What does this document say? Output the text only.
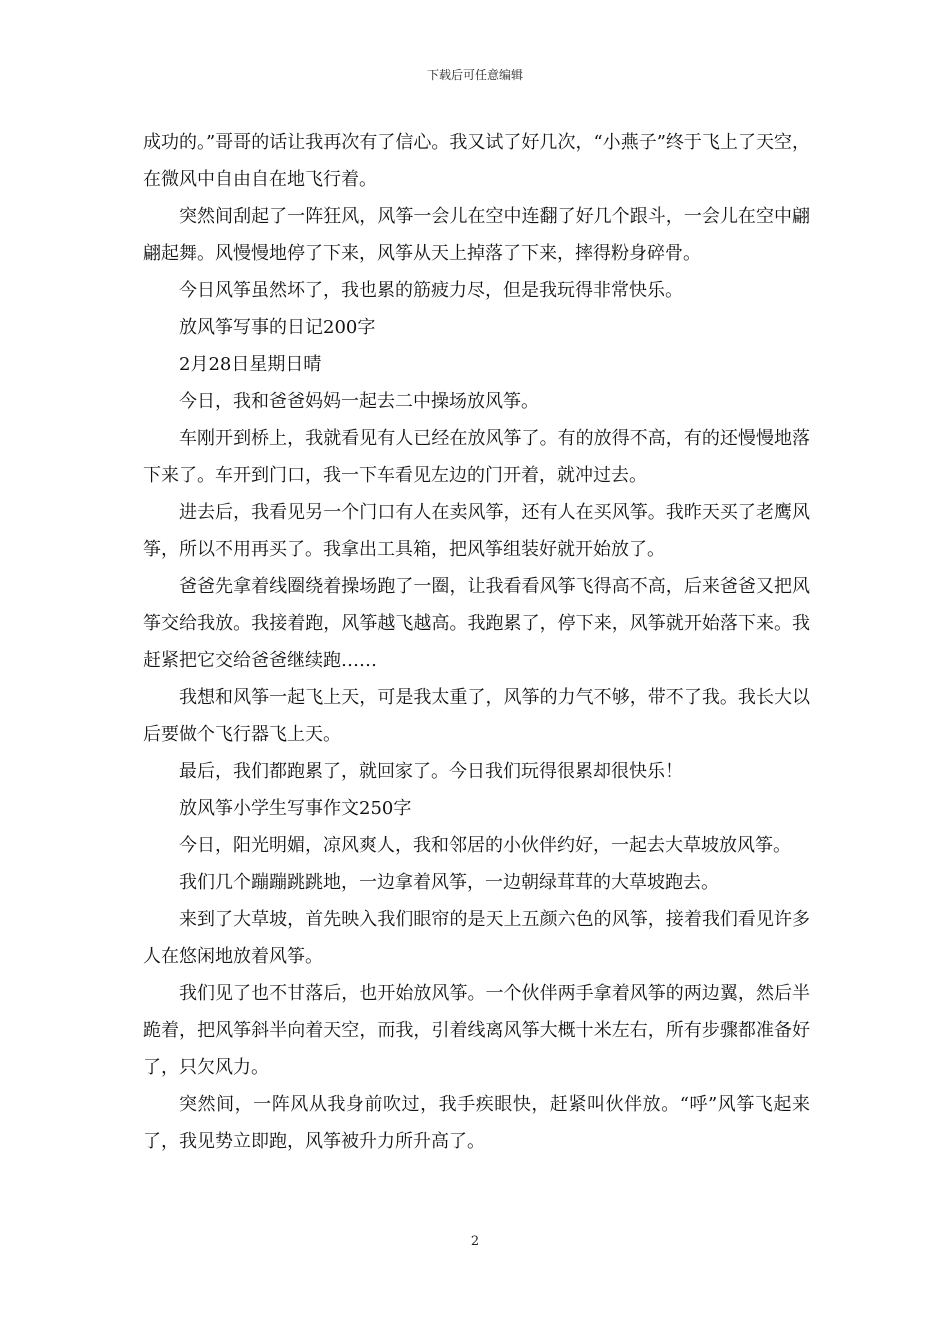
下载后可任意编辑

成功的。”哥哥的话让我再次有了信心。我又试了好几次，“小燕子”终于飞上了天空，在微风中自由自在地飞行着。

突然间刮起了一阵狂风，风筝一会儿在空中连翻了好几个跟斗，一会儿在空中翩翩起舞。风慢慢地停了下来，风筝从天上掉落了下来，摔得粉身碎骨。

今日风筝虽然坏了，我也累的筋疲力尽，但是我玩得非常快乐。

放风筝写事的日记200字

2月28日星期日晴

今日，我和爸爸妈妈一起去二中操场放风筝。

车刚开到桥上，我就看见有人已经在放风筝了。有的放得不高，有的还慢慢地落下来了。车开到门口，我一下车看见左边的门开着，就冲过去。

进去后，我看见另一个门口有人在卖风筝，还有人在买风筝。我昨天买了老鹰风筝，所以不用再买了。我拿出工具箱，把风筝组装好就开始放了。

爸爸先拿着线圈绕着操场跑了一圈，让我看看风筝飞得高不高，后来爸爸又把风筝交给我放。我接着跑，风筝越飞越高。我跑累了，停下来，风筝就开始落下来。我赶紧把它交给爸爸继续跑……

我想和风筝一起飞上天，可是我太重了，风筝的力气不够，带不了我。我长大以后要做个飞行器飞上天。

最后，我们都跑累了，就回家了。今日我们玩得很累却很快乐！

放风筝小学生写事作文250字

今日，阳光明媚，凉风爽人，我和邻居的小伙伴约好，一起去大草坡放风筝。

我们几个蹦蹦跳跳地，一边拿着风筝，一边朝绿茸茸的大草坡跑去。

来到了大草坡，首先映入我们眼帘的是天上五颜六色的风筝，接着我们看见许多人在悠闲地放着风筝。

我们见了也不甘落后，也开始放风筝。一个伙伴两手拿着风筝的两边翼，然后半跪着，把风筝斜半向着天空，而我，引着线离风筝大概十米左右，所有步骤都准备好了，只欠风力。

突然间，一阵风从我身前吹过，我手疾眼快，赶紧叫伙伴放。“呼”风筝飞起来了，我见势立即跑，风筝被升力所升高了。

2
